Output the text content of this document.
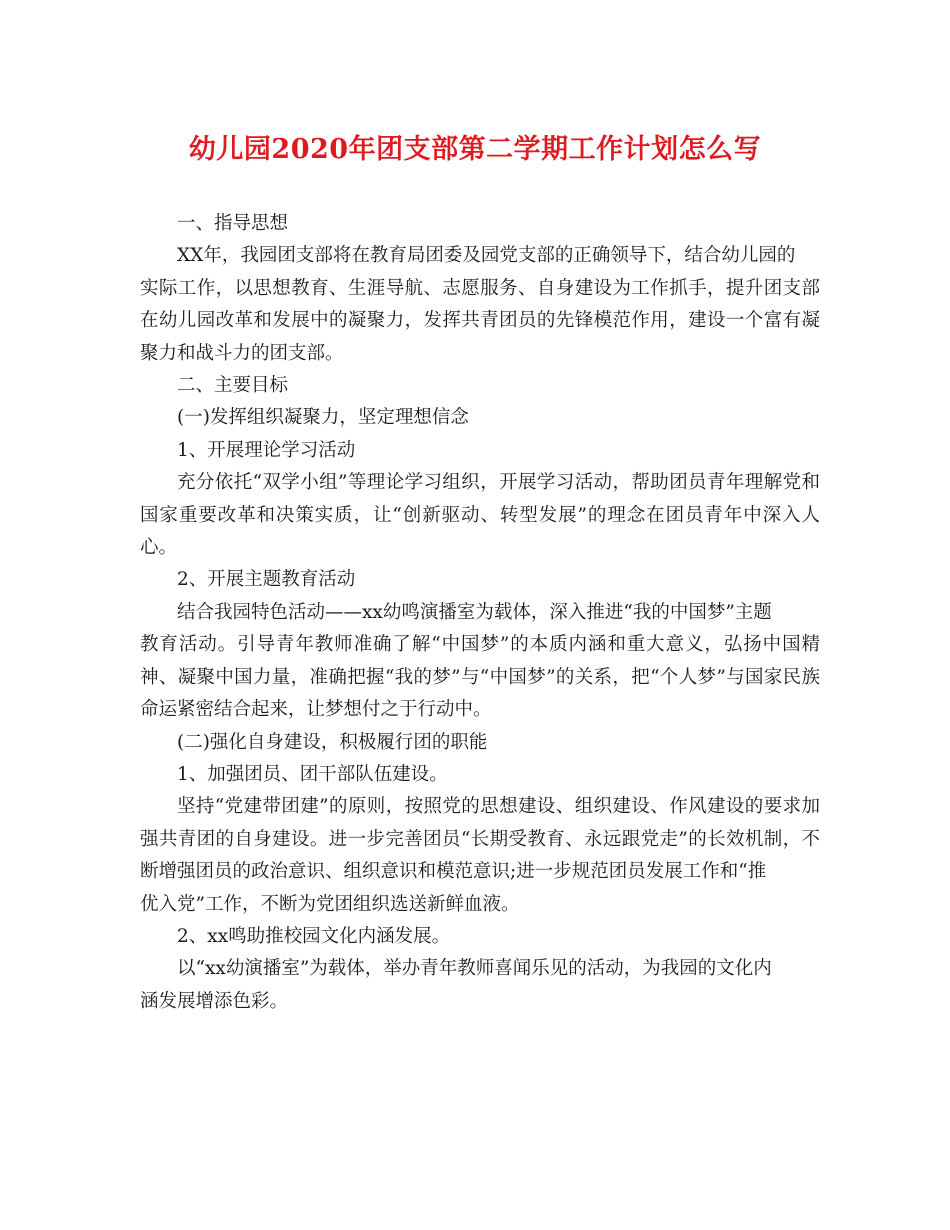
幼儿园2020年团支部第二学期工作计划怎么写

一、指导思想

XX年，我园团支部将在教育局团委及园党支部的正确领导下，结合幼儿园的

实际工作，以思想教育、生涯导航、志愿服务、自身建设为工作抓手，提升团支部在幼儿园改革和发展中的凝聚力，发挥共青团员的先锋模范作用，建设一个富有凝聚力和战斗力的团支部。

二、主要目标

(一)发挥组织凝聚力，坚定理想信念

1、开展理论学习活动

充分依托“双学小组”等理论学习组织，开展学习活动，帮助团员青年理解党和国家重要改革和决策实质，让“创新驱动、转型发展”的理念在团员青年中深入人心。

2、开展主题教育活动

结合我园特色活动——xx幼鸣演播室为载体，深入推进“我的中国梦”主题

教育活动。引导青年教师准确了解“中国梦”的本质内涵和重大意义，弘扬中国精神、凝聚中国力量，准确把握“我的梦”与“中国梦”的关系，把“个人梦”与国家民族命运紧密结合起来，让梦想付之于行动中。

(二)强化自身建设，积极履行团的职能

1、加强团员、团干部队伍建设。

坚持“党建带团建”的原则，按照党的思想建设、组织建设、作风建设的要求加强共青团的自身建设。进一步完善团员“长期受教育、永远跟党走”的长效机制，不断增强团员的政治意识、组织意识和模范意识;进一步规范团员发展工作和“推

优入党”工作，不断为党团组织选送新鲜血液。

2、xx鸣助推校园文化内涵发展。

以“xx幼演播室”为载体，举办青年教师喜闻乐见的活动，为我园的文化内

涵发展增添色彩。
